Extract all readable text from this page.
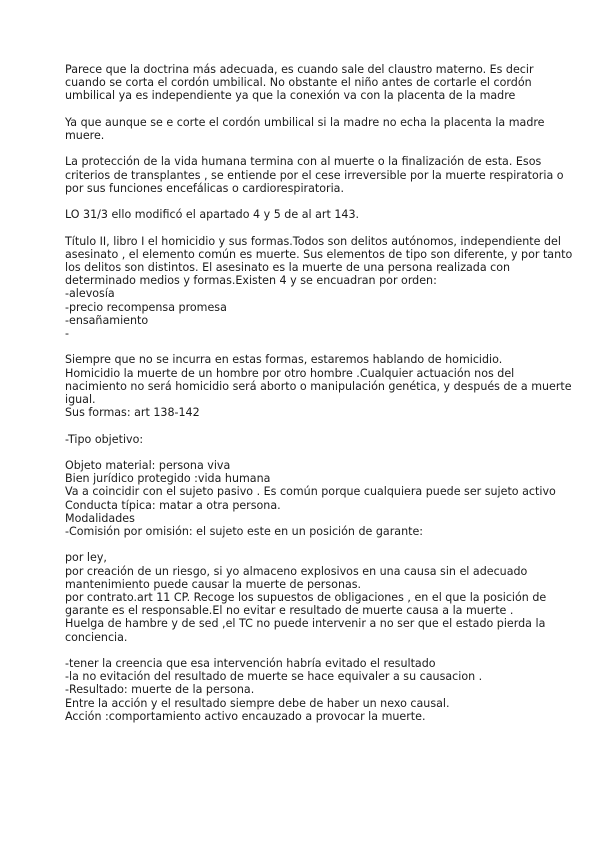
Parece que la doctrina más adecuada, es cuando sale del claustro materno. Es decir

cuando se corta el cordón umbilical. No obstante el niño antes de cortarle el cordón

umbilical ya es independiente ya que la conexión va con la placenta de la madre

Ya que aunque se e corte el cordón umbilical si la madre no echa la placenta la madre

muere.

La protección de la vida humana termina con al muerte o la finalización de esta. Esos

criterios de transplantes , se entiende por el cese irreversible por la muerte respiratoria o

por sus funciones encefálicas o cardiorespiratoria.

LO 31/3 ello modificó el apartado 4 y 5 de al art 143.

Título II, libro I el homicidio y sus formas.Todos son delitos autónomos, independiente del

asesinato , el elemento común es muerte. Sus elementos de tipo son diferente, y por tanto

los delitos son distintos. El asesinato es la muerte de una persona realizada con

determinado medios y formas.Existen 4 y se encuadran por orden:

-alevosía

-precio recompensa promesa

-ensañamiento

-

Siempre que no se incurra en estas formas, estaremos hablando de homicidio.

Homicidio la muerte de un hombre por otro hombre .Cualquier actuación nos del

nacimiento no será homicidio será aborto o manipulación genética, y después de a muerte

igual.

Sus formas: art 138-142

-Tipo objetivo:

Objeto material: persona viva

Bien jurídico protegido :vida humana

Va a coincidir con el sujeto pasivo . Es común porque cualquiera puede ser sujeto activo

Conducta típica: matar a otra persona.

Modalidades

-Comisión por omisión: el sujeto este en un posición de garante:

por ley,

por creación de un riesgo, si yo almaceno explosivos en una causa sin el adecuado

mantenimiento puede causar la muerte de personas.

por contrato.art 11 CP. Recoge los supuestos de obligaciones , en el que la posición de

garante es el responsable.El no evitar e resultado de muerte causa a la muerte .

Huelga de hambre y de sed ,el TC no puede intervenir a no ser que el estado pierda la

conciencia.

-tener la creencia que esa intervención habría evitado el resultado

-la no evitación del resultado de muerte se hace equivaler a su causacion .

-Resultado: muerte de la persona.

Entre la acción y el resultado siempre debe de haber un nexo causal.

Acción :comportamiento activo encauzado a provocar la muerte.
